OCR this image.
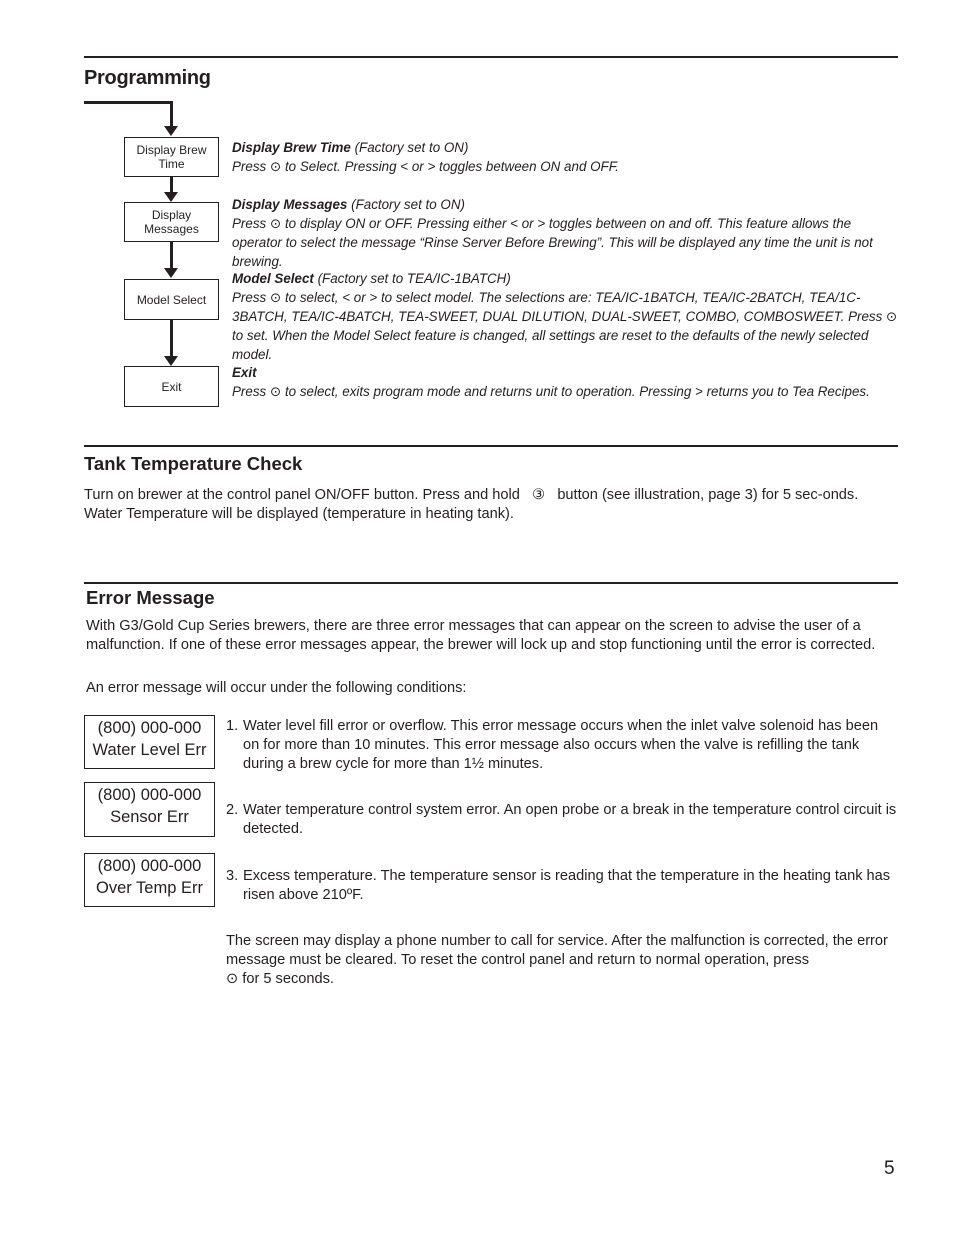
Programming
Display Brew Time
Display Messages
Model Select
Exit

Display Brew Time (Factory set to ON)

Press ⊙ to Select. Pressing < or > toggles between ON and OFF.

Display Messages (Factory set to ON)

Press ⊙ to display ON or OFF. Pressing either < or > toggles between on and off. This feature allows the operator to select the message “Rinse Server Before Brewing”. This will be displayed any time the unit is not brewing.

Model Select (Factory set to TEA/IC-1BATCH)

Press ⊙ to select, < or > to select model. The selections are: TEA/IC-1BATCH, TEA/IC-2BATCH, TEA/1C-3BATCH, TEA/IC-4BATCH, TEA-SWEET, DUAL DILUTION, DUAL-SWEET, COMBO, COMBOSWEET. Press ⊙ to set. When the Model Select feature is changed, all settings are reset to the defaults of the newly selected model.

Exit

Press ⊙ to select, exits program mode and returns unit to operation. Pressing > returns you to Tea Recipes.

Tank Temperature Check

Turn on brewer at the control panel ON/OFF button. Press and hold ③ button (see illustration, page 3) for 5 sec-onds. Water Temperature will be displayed (temperature in heating tank).

Error Message

With G3/Gold Cup Series brewers, there are three error messages that can appear on the screen to advise the user of a malfunction. If one of these error messages appear, the brewer will lock up and stop functioning until the error is corrected.

An error message will occur under the following conditions:

(800) 000-000
Water Level Err
(800) 000-000
Sensor Err
(800) 000-000
Over Temp Err
1. Water level fill error or overflow. This error message occurs when the inlet valve solenoid has been on for more than 10 minutes. This error message also occurs when the valve is refilling the tank during a brew cycle for more than 1½ minutes.
2. Water temperature control system error. An open probe or a break in the temperature control circuit is detected.
3. Excess temperature. The temperature sensor is reading that the temperature in the heating tank has risen above 210ºF.

The screen may display a phone number to call for service. After the malfunction is corrected, the error message must be cleared. To reset the control panel and return to normal operation, press
⊙ for 5 seconds.

5
